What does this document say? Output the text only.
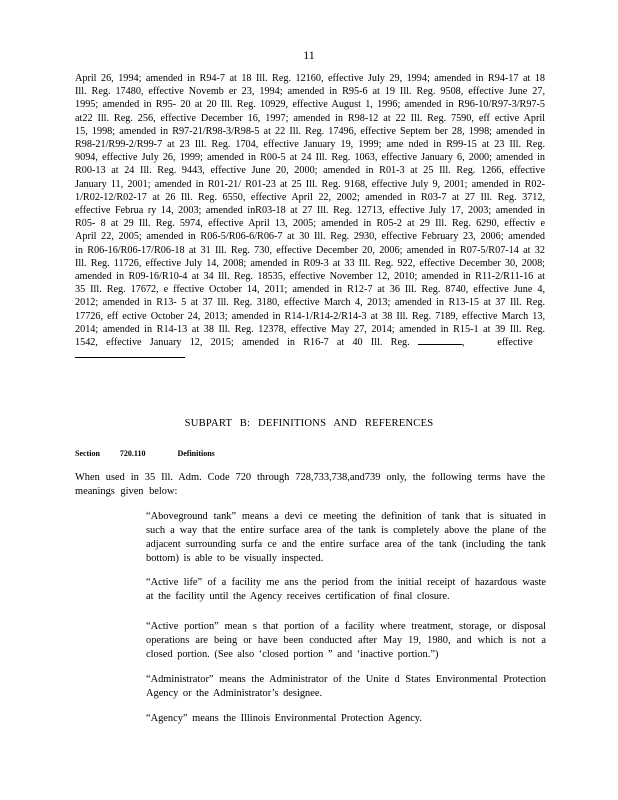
11
April 26, 1994; amended in R94-7 at 18 Ill. Reg. 12160, effective July 29, 1994; amended in R94-17 at 18 Ill. Reg. 17480, effective Novemb er 23, 1994; amended in R95-6 at 19 Ill. Reg. 9508, effective June 27, 1995; amended in R95- 20 at 20 Ill. Reg. 10929, effective August 1, 1996; amended in R96-10/R97-3/R97-5 at22 Ill. Reg. 256, effective December 16, 1997; amended in R98-12 at 22 Ill. Reg. 7590, eff ective April 15, 1998; amended in R97-21/R98-3/R98-5 at 22 Ill. Reg. 17496, effective Septem ber 28, 1998; amended in R98-21/R99-2/R99-7 at 23 Ill. Reg. 1704, effective January 19, 1999; ame nded in R99-15 at 23 Ill. Reg. 9094, effective July 26, 1999; amended in R00-5 at 24 Ill. Reg. 1063, effective January 6, 2000; amended in R00-13 at 24 Ill. Reg. 9443, effective June 20, 2000; amended in R01-3 at 25 Ill. Reg. 1266, effective January 11, 2001; amended in R01-21/ R01-23 at 25 Ill. Reg. 9168, effective July 9, 2001; amended in R02-1/R02-12/R02-17 at 26 Ill. Reg. 6550, effective April 22, 2002; amended in R03-7 at 27 Ill. Reg. 3712, effective Februa ry 14, 2003; amended inR03-18 at 27 Ill. Reg. 12713, effective July 17, 2003; amended in R05- 8 at 29 Ill. Reg. 5974, effective April 13, 2005; amended in R05-2 at 29 Ill. Reg. 6290, effectiv e April 22, 2005; amended in R06-5/R06-6/R06-7 at 30 Ill. Reg. 2930, effective February 23, 2006; amended in R06-16/R06-17/R06-18 at 31 Ill. Reg. 730, effective December 20, 2006; amended in R07-5/R07-14 at 32 Ill. Reg. 11726, effective July 14, 2008; amended in R09-3 at 33 Ill. Reg. 922, effective December 30, 2008; amended in R09-16/R10-4 at 34 Ill. Reg. 18535, effective November 12, 2010; amended in R11-2/R11-16 at 35 Ill. Reg. 17672, e ffective October 14, 2011; amended in R12-7 at 36 Ill. Reg. 8740, effective June 4, 2012; amended in R13- 5 at 37 Ill. Reg. 3180, effective March 4, 2013; amended in R13-15 at 37 Ill. Reg. 17726, eff ective October 24, 2013; amended in R14-1/R14-2/R14-3 at 38 Ill. Reg. 7189, effective March 13, 2014; amended in R14-13 at 38 Ill. Reg. 12378, effective May 27, 2014; amended in R15-1 at 39 Ill. Reg. 1542, effective January 12, 2015; amended in R16-7 at 40 Ill. Reg.	,    effective
SUBPART B: DEFINITIONS AND REFERENCES
Section	720.110	Definitions
When used in 35 Ill. Adm. Code 720 through 728,733,738,and739 only, the following terms have the meanings given below:
“Aboveground tank” means a devi ce meeting the definition of tank that is situated in such a way that the entire surface area of the tank is completely above the plane of the adjacent surrounding surfa ce and the entire surface area of the tank (including the tank bottom) is able to be visually inspected.
“Active life” of a facility me ans the period from the initial receipt of hazardous waste at the facility until the Agency receives certification of final closure.
“Active portion” mean s that portion of a facility where treatment, storage, or disposal operations are being or have been conducted after May 19, 1980, and which is not a closed portion. (See also ‘closed portion ” and ‘inactive portion.”)
“Administrator” means the Administrator of the Unite d States Environmental Protection Agency or the Administrator’s designee.
“Agency” means the Illinois Environmental Protection Agency.
